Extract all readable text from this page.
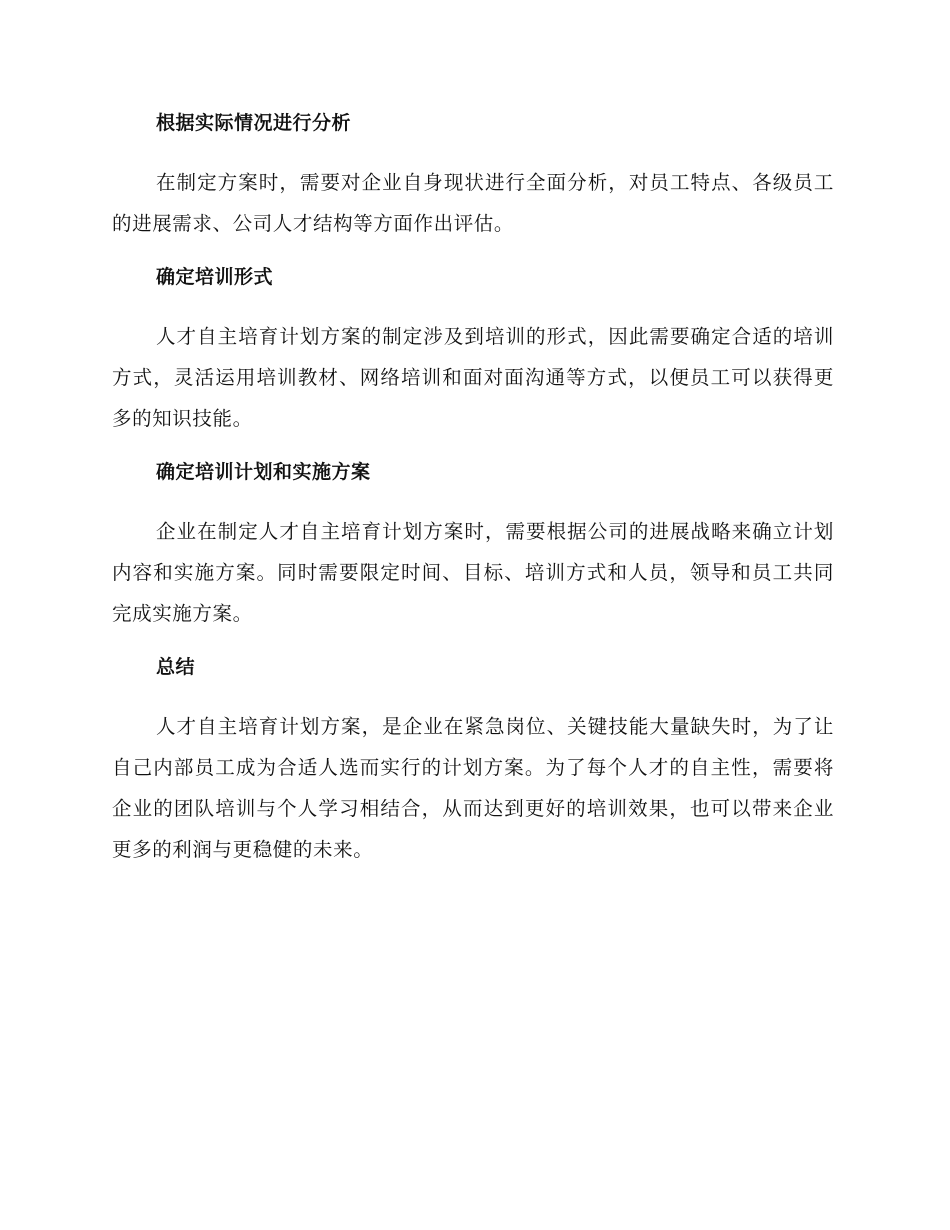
根据实际情况进行分析

在制定方案时，需要对企业自身现状进行全面分析，对员工特点、各级员工的进展需求、公司人才结构等方面作出评估。

确定培训形式

人才自主培育计划方案的制定涉及到培训的形式，因此需要确定合适的培训方式，灵活运用培训教材、网络培训和面对面沟通等方式，以便员工可以获得更多的知识技能。

确定培训计划和实施方案

企业在制定人才自主培育计划方案时，需要根据公司的进展战略来确立计划内容和实施方案。同时需要限定时间、目标、培训方式和人员，领导和员工共同完成实施方案。

总结

人才自主培育计划方案，是企业在紧急岗位、关键技能大量缺失时，为了让自己内部员工成为合适人选而实行的计划方案。为了每个人才的自主性，需要将企业的团队培训与个人学习相结合，从而达到更好的培训效果，也可以带来企业更多的利润与更稳健的未来。
